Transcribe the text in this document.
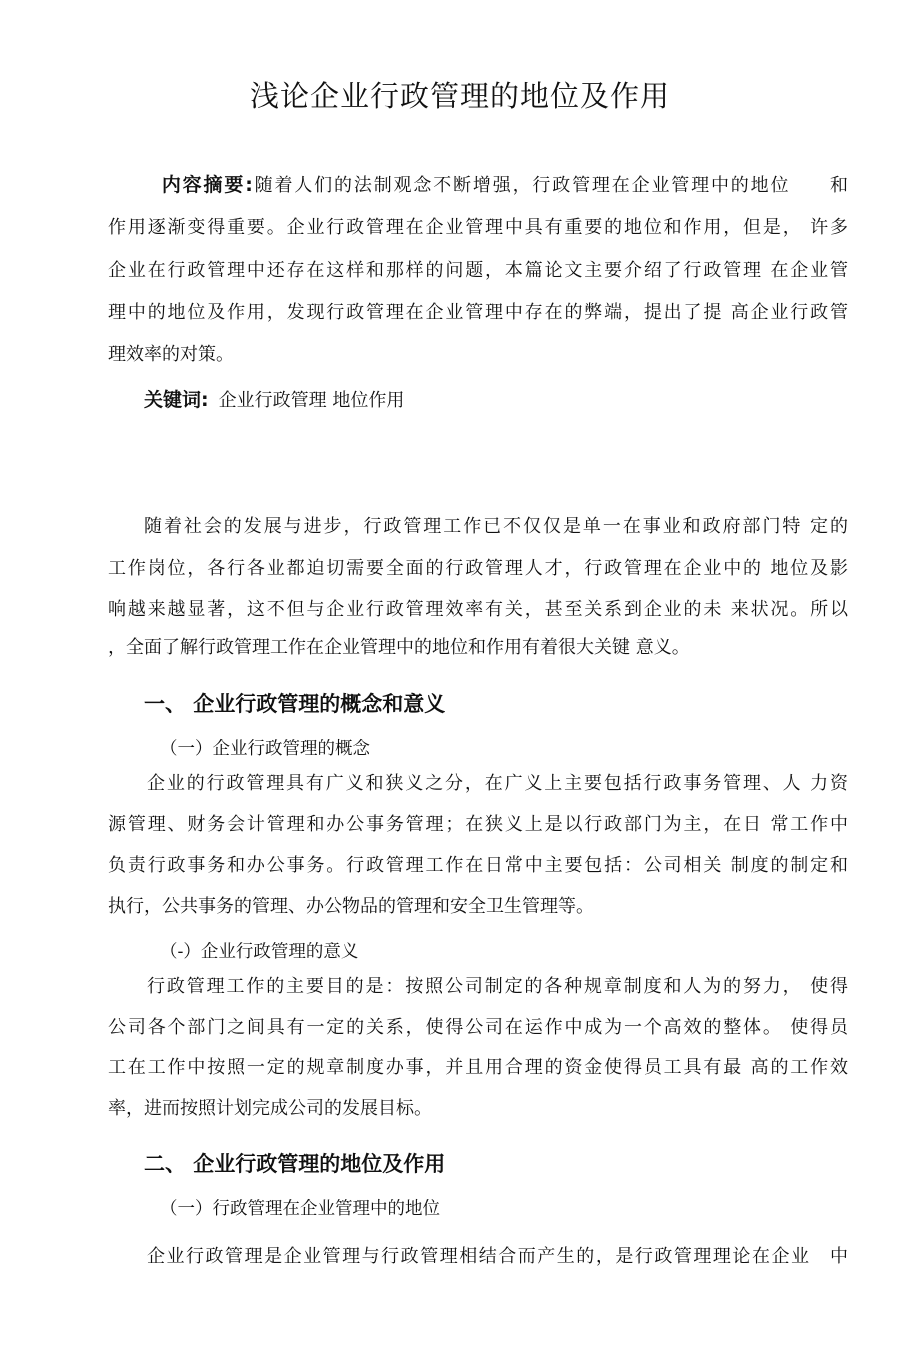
浅论企业行政管理的地位及作用
内容摘要:随着人们的法制观念不断增强，行政管理在企业管理中的地位　　和
作用逐渐变得重要。企业行政管理在企业管理中具有重要的地位和作用，但是， 许多
企业在行政管理中还存在这样和那样的问题，本篇论文主要介绍了行政管理 在企业管
理中的地位及作用，发现行政管理在企业管理中存在的弊端，提出了提 高企业行政管
理效率的对策。
关键词: 企业行政管理 地位作用
随着社会的发展与进步，行政管理工作已不仅仅是单一在事业和政府部门特 定的
工作岗位，各行各业都迫切需要全面的行政管理人才，行政管理在企业中的 地位及影
响越来越显著，这不但与企业行政管理效率有关，甚至关系到企业的未 来状况。所以
，全面了解行政管理工作在企业管理中的地位和作用有着很大关键 意义。
一、 企业行政管理的概念和意义
（一）企业行政管理的概念
企业的行政管理具有广义和狭义之分，在广义上主要包括行政事务管理、人 力资
源管理、财务会计管理和办公事务管理；在狭义上是以行政部门为主，在日 常工作中
负责行政事务和办公事务。行政管理工作在日常中主要包括：公司相关 制度的制定和
执行，公共事务的管理、办公物品的管理和安全卫生管理等。
（-）企业行政管理的意义
行政管理工作的主要目的是：按照公司制定的各种规章制度和人为的努力， 使得
公司各个部门之间具有一定的关系，使得公司在运作中成为一个高效的整体。 使得员
工在工作中按照一定的规章制度办事，并且用合理的资金使得员工具有最 高的工作效
率，进而按照计划完成公司的发展目标。
二、 企业行政管理的地位及作用
（一）行政管理在企业管理中的地位
企业行政管理是企业管理与行政管理相结合而产生的，是行政管理理论在企业　中
